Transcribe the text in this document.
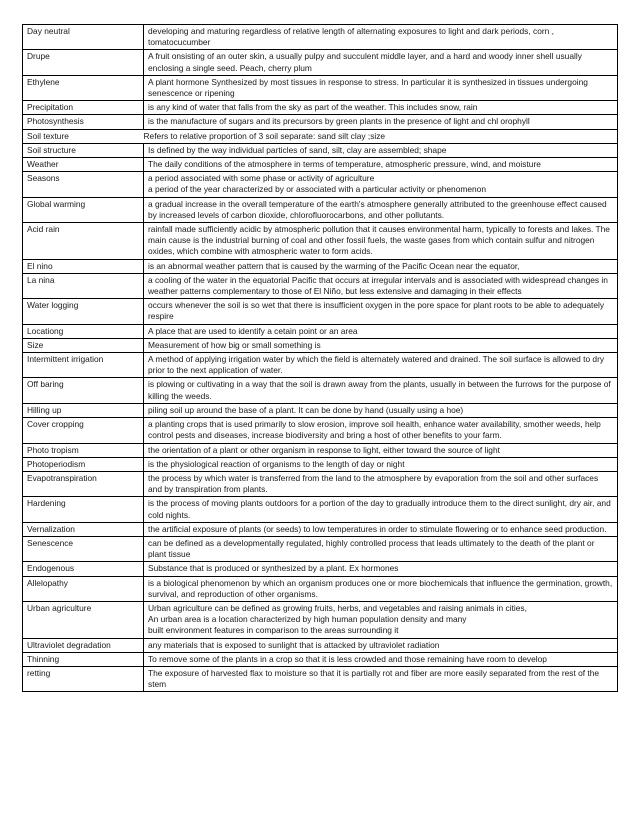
Day neutral	developing and maturing regardless of relative length of alternating exposures to light and dark periods, corn , tomatocucumber

Drupe	A fruit onsisting of an outer skin, a usually pulpy and succulent middle layer, and a hard and woody inner shell usually enclosing a single seed. Peach, cherry plum

Ethylene	A plant hormone Synthesized by most tissues in response to stress. In particular it is synthesized in tissues undergoing senescence or ripening

Precipitation	is any kind of water that falls from the sky as part of the weather. This includes snow, rain

Photosynthesis	is the manufacture of sugars and its precursors by green plants in the presence of light and chl orophyll

Soil texture	Refers to relative proportion of 3 soil separate: sand silt clay ;size

Soil structure	Is defined by the way individual particles of sand, silt, clay are assembled; shape

Weather	The daily conditions of the atmosphere in terms of temperature, atmospheric pressure, wind, and moisture

Seasons	a period associated with some phase or activity of agriculture
a period of the year characterized by or associated with a particular activity or phenomenon

Global warming	a gradual increase in the overall temperature of the earth's atmosphere generally attributed to the greenhouse effect caused by increased levels of carbon dioxide, chlorofluorocarbons, and other pollutants.

Acid rain	rainfall made sufficiently acidic by atmospheric pollution that it causes environmental harm, typically to forests and lakes. The main cause is the industrial burning of coal and other fossil fuels, the waste gases from which contain sulfur and nitrogen oxides, which combine with atmospheric water to form acids.

El nino	is an abnormal weather pattern that is caused by the warming of the Pacific Ocean near the equator,

La nina	a cooling of the water in the equatorial Pacific that occurs at irregular intervals and is associated with widespread changes in weather patterns complementary to those of El Niño, but less extensive and damaging in their effects

Water logging	occurs whenever the soil is so wet that there is insufficient oxygen in the pore space for plant roots to be able to adequately respire

Locationg	A place that are used to identify a cetain point or an area

Size	Measurement of how big or small something is

Intermittent irrigation	A method of applying irrigation water by which the field is alternately watered and drained. The soil surface is allowed to dry prior to the next application of water.

Off baring	is plowing or cultivating in a way that the soil is drawn away from the plants, usually in between the furrows for the purpose of killing the weeds.

Hilling up	piling soil up around the base of a plant. It can be done by hand (usually using a hoe)

Cover cropping	a planting crops that is used primarily to slow erosion, improve soil health, enhance water availability, smother weeds, help control pests and diseases, increase biodiversity and bring a host of other benefits to your farm.

Photo tropism	the orientation of a plant or other organism in response to light, either toward the source of light

Photoperiodism	is the physiological reaction of organisms to the length of day or night

Evapotranspiration	the process by which water is transferred from the land to the atmosphere by evaporation from the soil and other surfaces and by transpiration from plants.

Hardening	is the process of moving plants outdoors for a portion of the day to gradually introduce them to the direct sunlight, dry air, and cold nights.

Vernalization	the artificial exposure of plants (or seeds) to low temperatures in order to stimulate flowering or to enhance seed production.

Senescence	can be defined as a developmentally regulated, highly controlled process that leads ultimately to the death of the plant or plant tissue

Endogenous	Substance that is produced or synthesized by a plant. Ex hormones

Allelopathy	is a biological phenomenon by which an organism produces one or more biochemicals that influence the germination, growth, survival, and reproduction of other organisms.

Urban agriculture	Urban agriculture can be defined as growing fruits, herbs, and vegetables and raising animals in cities,
An urban area is a location characterized by high human population density and many
built environment features in comparison to the areas surrounding it

Ultraviolet degradation	any materials that is exposed to sunlight that is attacked by ultraviolet radiation

Thinning	To remove some of the plants in a crop so that it is less crowded and those remaining have room to develop

retting	The exposure of harvested flax to moisture so that it is partially rot and fiber are more easily separated from the rest of the stem
